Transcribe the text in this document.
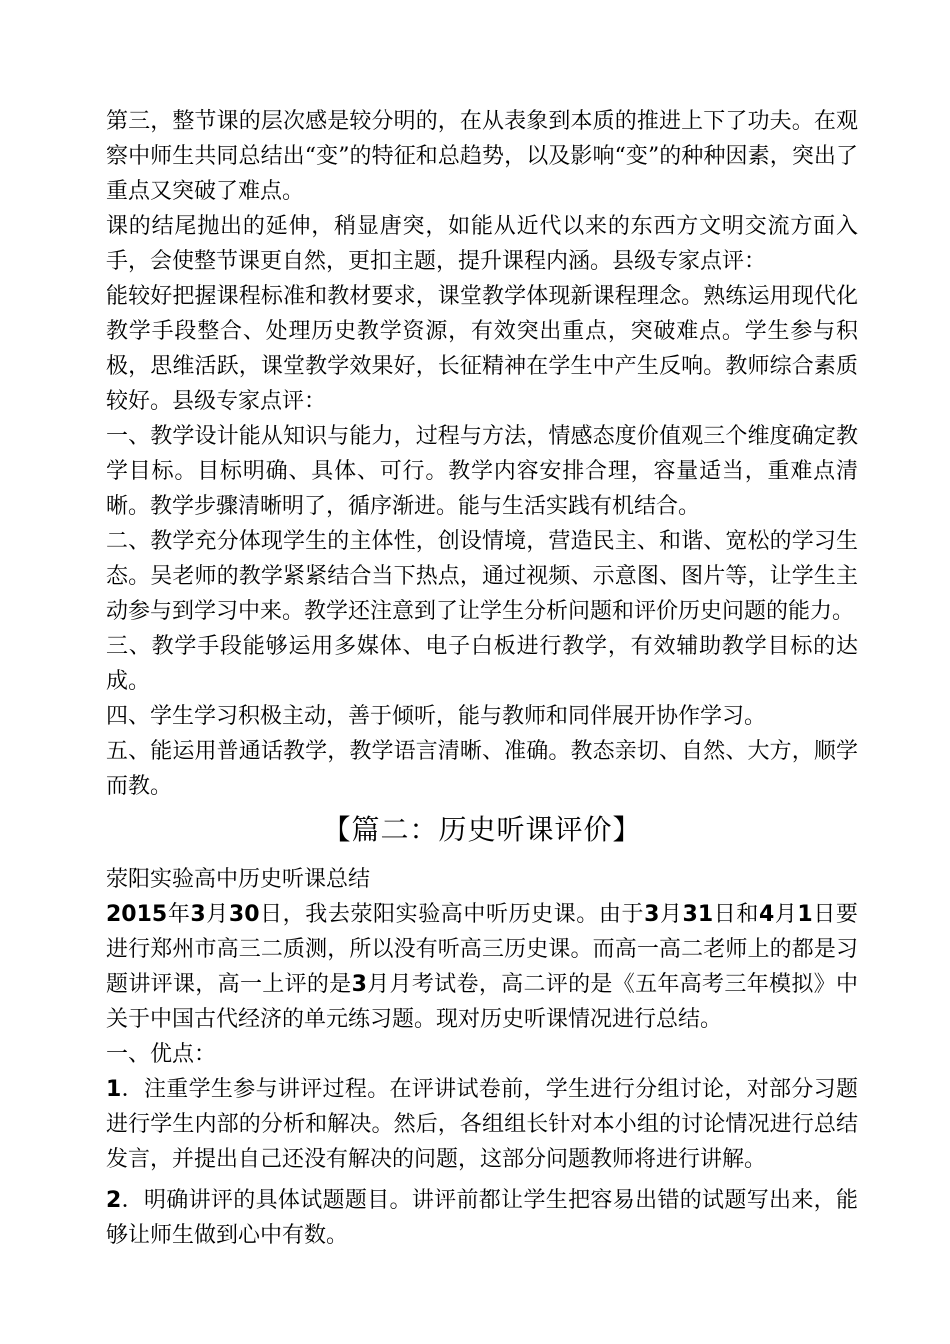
第三，整节课的层次感是较分明的，在从表象到本质的推进上下了功夫。在观察中师生共同总结出“变”的特征和总趋势，以及影响“变”的种种因素，突出了重点又突破了难点。

课的结尾抛出的延伸，稍显唐突，如能从近代以来的东西方文明交流方面入手，会使整节课更自然，更扣主题，提升课程内涵。县级专家点评：

能较好把握课程标准和教材要求，课堂教学体现新课程理念。熟练运用现代化教学手段整合、处理历史教学资源，有效突出重点，突破难点。学生参与积极，思维活跃，课堂教学效果好，长征精神在学生中产生反响。教师综合素质较好。县级专家点评：

一、教学设计能从知识与能力，过程与方法，情感态度价值观三个维度确定教学目标。目标明确、具体、可行。教学内容安排合理，容量适当，重难点清晰。教学步骤清晰明了，循序渐进。能与生活实践有机结合。

二、教学充分体现学生的主体性，创设情境，营造民主、和谐、宽松的学习生态。吴老师的教学紧紧结合当下热点，通过视频、示意图、图片等，让学生主动参与到学习中来。教学还注意到了让学生分析问题和评价历史问题的能力。

三、教学手段能够运用多媒体、电子白板进行教学，有效辅助教学目标的达成。

四、学生学习积极主动，善于倾听，能与教师和同伴展开协作学习。

五、能运用普通话教学，教学语言清晰、准确。教态亲切、自然、大方，顺学而教。

【篇二：历史听课评价】

荥阳实验高中历史听课总结

2015年3月30日，我去荥阳实验高中听历史课。由于3月31日和4月1日要进行郑州市高三二质测，所以没有听高三历史课。而高一高二老师上的都是习题讲评课，高一上评的是3月月考试卷，高二评的是《五年高考三年模拟》中关于中国古代经济的单元练习题。现对历史听课情况进行总结。

一、优点：

1．注重学生参与讲评过程。在评讲试卷前，学生进行分组讨论，对部分习题进行学生内部的分析和解决。然后，各组组长针对本小组的讨论情况进行总结发言，并提出自己还没有解决的问题，这部分问题教师将进行讲解。

2．明确讲评的具体试题题目。讲评前都让学生把容易出错的试题写出来，能够让师生做到心中有数。
